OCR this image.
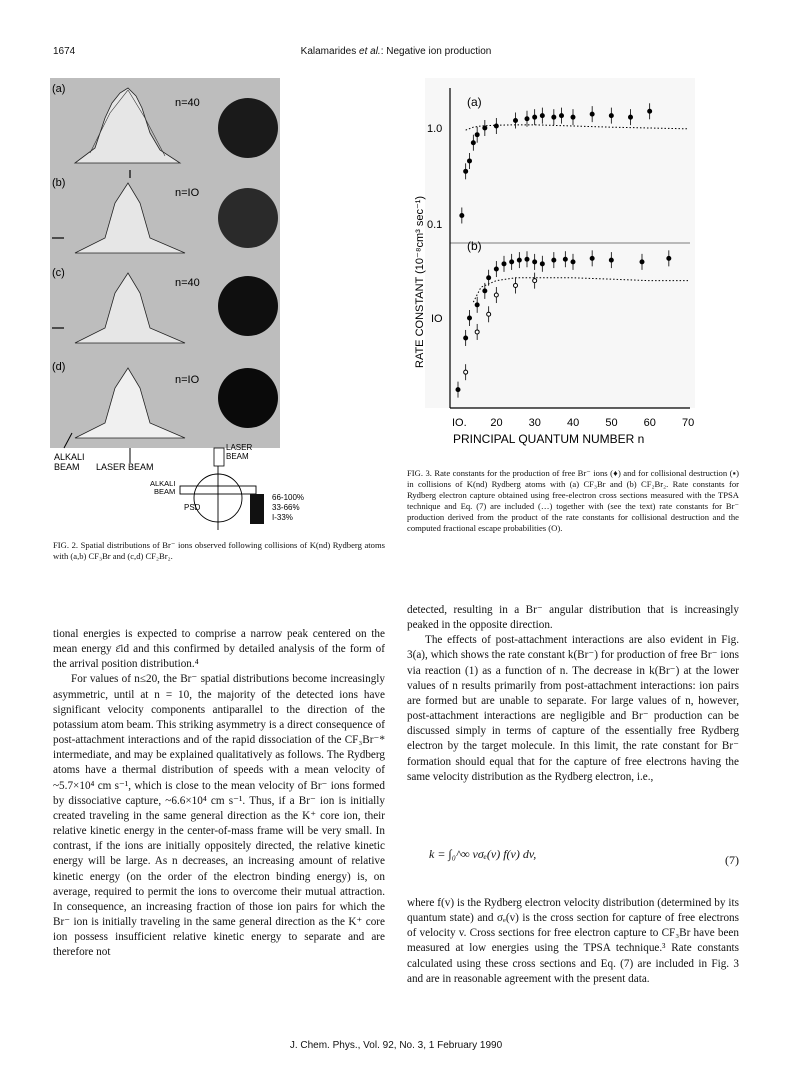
1674	Kalamarides et al.: Negative ion production
(a)
n=40
(b)
n=IO
(c)
n=40
(d)
n=IO
ALKALI
BEAM LASER BEAM
LASER
BEAM
ALKALI
BEAM
PSD
66-100%
33-66%
I-33%
FIG. 2. Spatial distributions of Br⁻ ions observed following collisions of K(nd) Rydberg atoms with (a,b) CF₃Br and (c,d) CF₂Br₂.
(a)
(b)
1.0
0.1
IO
RATE CONSTANT (10⁻⁸cm³ sec⁻¹)
PRINCIPAL QUANTUM NUMBER n
IO. 20 30 40 50 60 70
FIG. 3. Rate constants for the production of free Br⁻ ions (♦) and for collisional destruction (▪) in collisions of K(nd) Rydberg atoms with (a) CF₃Br and (b) CF₂Br₂. Rate constants for Rydberg electron capture obtained using free-electron cross sections measured with the TPSA technique and Eq. (7) are included (…) together with (see the text) rate constants for Br⁻ production derived from the product of the rate constants for collisional destruction and the computed fractional escape probabilities (O).

tional energies is expected to comprise a narrow peak centered on the mean energy ε̄id and this confirmed by detailed analysis of the form of the arrival position distribution.⁴

For values of n≤20, the Br⁻ spatial distributions become increasingly asymmetric, until at n = 10, the majority of the detected ions have significant velocity components antiparallel to the direction of the potassium atom beam. This striking asymmetry is a direct consequence of post-attachment interactions and of the rapid dissociation of the CF₃Br⁻* intermediate, and may be explained qualitatively as follows. The Rydberg atoms have a thermal distribution of speeds with a mean velocity of ~5.7×10⁴ cm s⁻¹, which is close to the mean velocity of Br⁻ ions formed by dissociative capture, ~6.6×10⁴ cm s⁻¹. Thus, if a Br⁻ ion is initially created traveling in the same general direction as the K⁺ core ion, their relative kinetic energy in the center-of-mass frame will be very small. In contrast, if the ions are initially oppositely directed, the relative kinetic energy will be large. As n decreases, an increasing amount of relative kinetic energy (on the order of the electron binding energy) is, on average, required to permit the ions to overcome their mutual attraction. In consequence, an increasing fraction of those ion pairs for which the Br⁻ ion is initially traveling in the same general direction as the K⁺ core ion possess insufficient relative kinetic energy to separate and are therefore not

detected, resulting in a Br⁻ angular distribution that is increasingly peaked in the opposite direction.

The effects of post-attachment interactions are also evident in Fig. 3(a), which shows the rate constant k(Br⁻) for production of free Br⁻ ions via reaction (1) as a function of n. The decrease in k(Br⁻) at the lower values of n results primarily from post-attachment interactions: ion pairs are formed but are unable to separate. For large values of n, however, post-attachment interactions are negligible and Br⁻ production can be discussed simply in terms of capture of the essentially free Rydberg electron by the target molecule. In this limit, the rate constant for Br⁻ formation should equal that for the capture of free electrons having the same velocity distribution as the Rydberg electron, i.e.,

k = ∫₀^∞ vσₑ(v) f(v) dv,	(7)
where f(v) is the Rydberg electron velocity distribution (determined by its quantum state) and σₑ(v) is the cross section for capture of free electrons of velocity v. Cross sections for free electron capture to CF₃Br have been measured at low energies using the TPSA technique.³ Rate constants calculated using these cross sections and Eq. (7) are included in Fig. 3 and are in reasonable agreement with the present data.
J. Chem. Phys., Vol. 92, No. 3, 1 February 1990
